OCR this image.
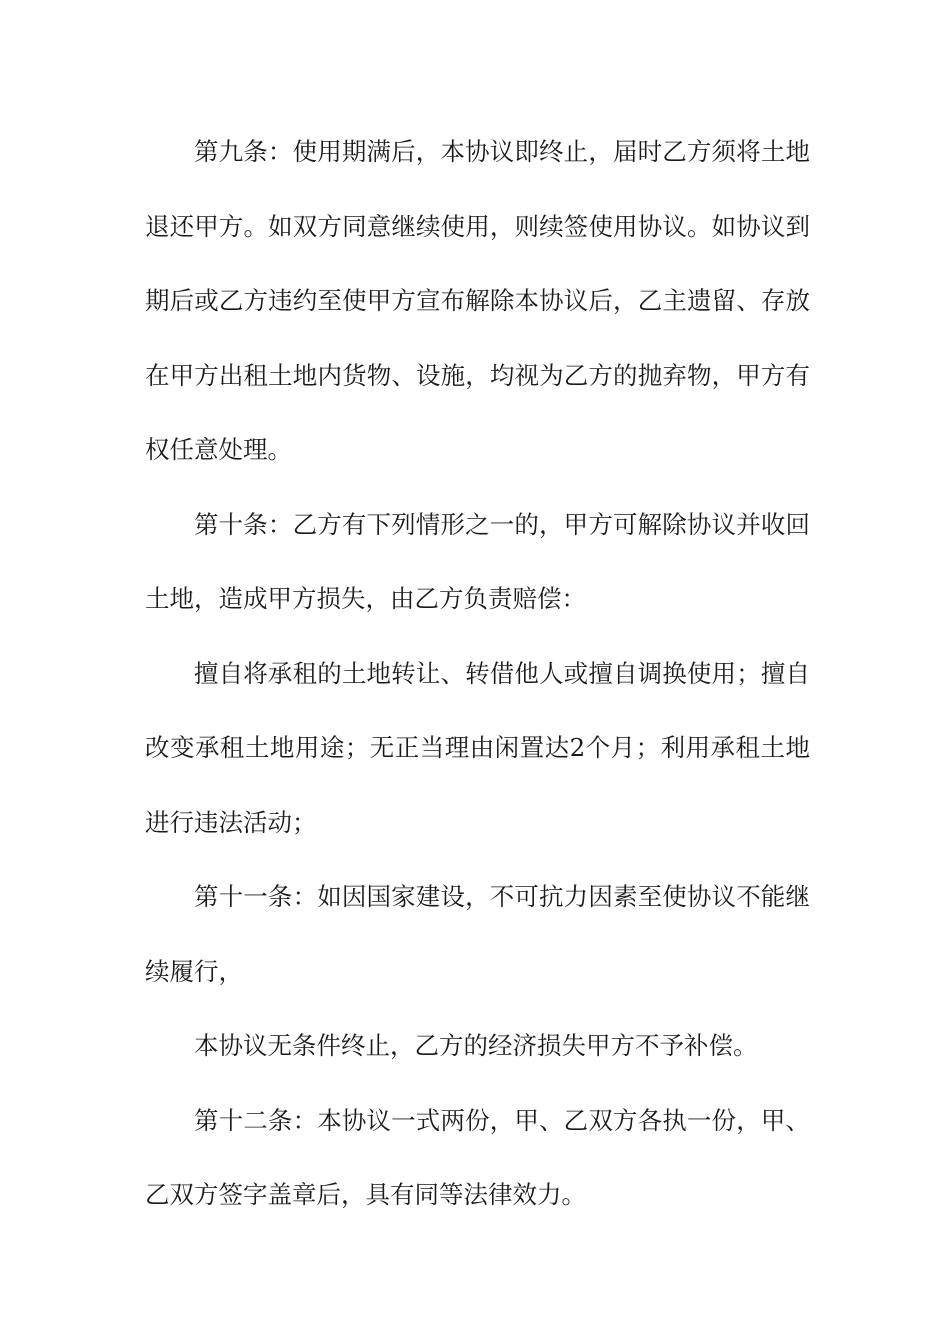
第九条：使用期满后，本协议即终止，届时乙方须将土地退还甲方。如双方同意继续使用，则续签使用协议。如协议到期后或乙方违约至使甲方宣布解除本协议后，乙主遗留、存放在甲方出租土地内货物、设施，均视为乙方的抛弃物，甲方有权任意处理。

第十条：乙方有下列情形之一的，甲方可解除协议并收回土地，造成甲方损失，由乙方负责赔偿：

擅自将承租的土地转让、转借他人或擅自调换使用；擅自改变承租土地用途；无正当理由闲置达2个月；利用承租土地进行违法活动；

第十一条：如因国家建设，不可抗力因素至使协议不能继续履行，

本协议无条件终止，乙方的经济损失甲方不予补偿。

第十二条：本协议一式两份，甲、乙双方各执一份，甲、乙双方签字盖章后，具有同等法律效力。
